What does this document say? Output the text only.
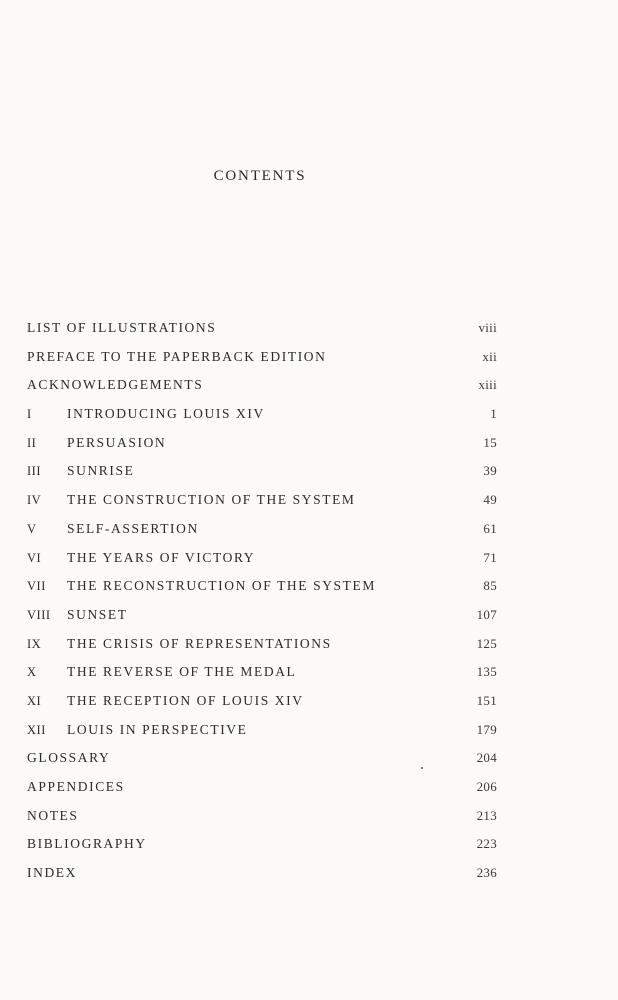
CONTENTS
LIST OF ILLUSTRATIONS	viii
PREFACE TO THE PAPERBACK EDITION	xii
ACKNOWLEDGEMENTS	xiii
I	INTRODUCING LOUIS XIV	1
II PERSUASION	15
III SUNRISE	39
IV THE CONSTRUCTION OF THE SYSTEM	49
V SELF-ASSERTION	61
VI THE YEARS OF VICTORY	71
VII THE RECONSTRUCTION OF THE SYSTEM	85
VIII SUNSET	107
IX THE CRISIS OF REPRESENTATIONS	125
X THE REVERSE OF THE MEDAL	135
XI THE RECEPTION OF LOUIS XIV	151
XII LOUIS IN PERSPECTIVE	179
GLOSSARY	204
APPENDICES	206
NOTES	213
BIBLIOGRAPHY	223
INDEX	236
